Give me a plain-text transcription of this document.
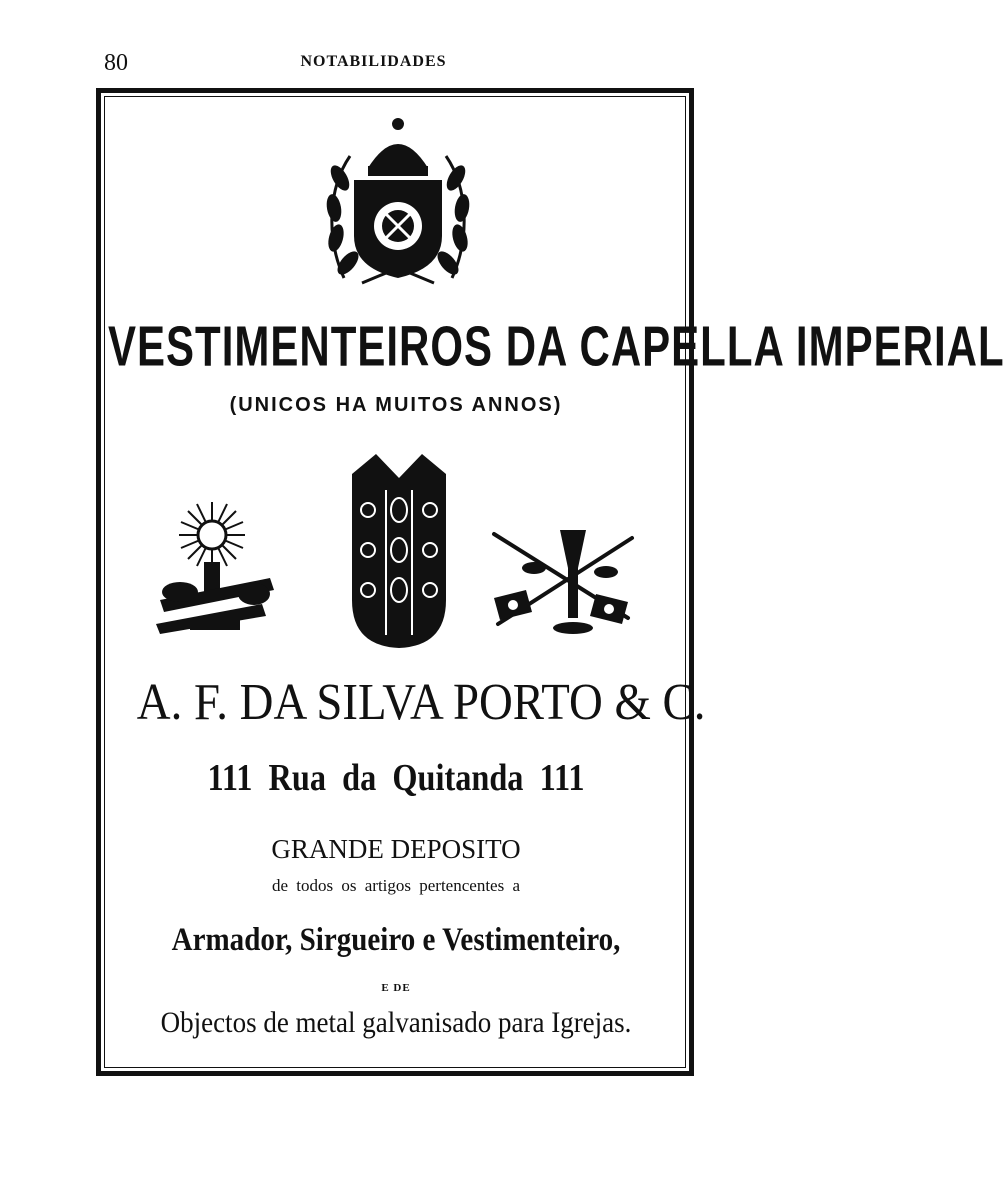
80	NOTABILIDADES
VESTIMENTEIROS DA CAPELLA IMPERIAL
(UNICOS HA MUITOS ANNOS)
A. F. DA SILVA PORTO & C.
111  Rua  da  Quitanda  111
GRANDE DEPOSITO
de todos os artigos pertencentes a
Armador, Sirgueiro e Vestimenteiro,
E DE
Objectos de metal galvanisado para Igrejas.
